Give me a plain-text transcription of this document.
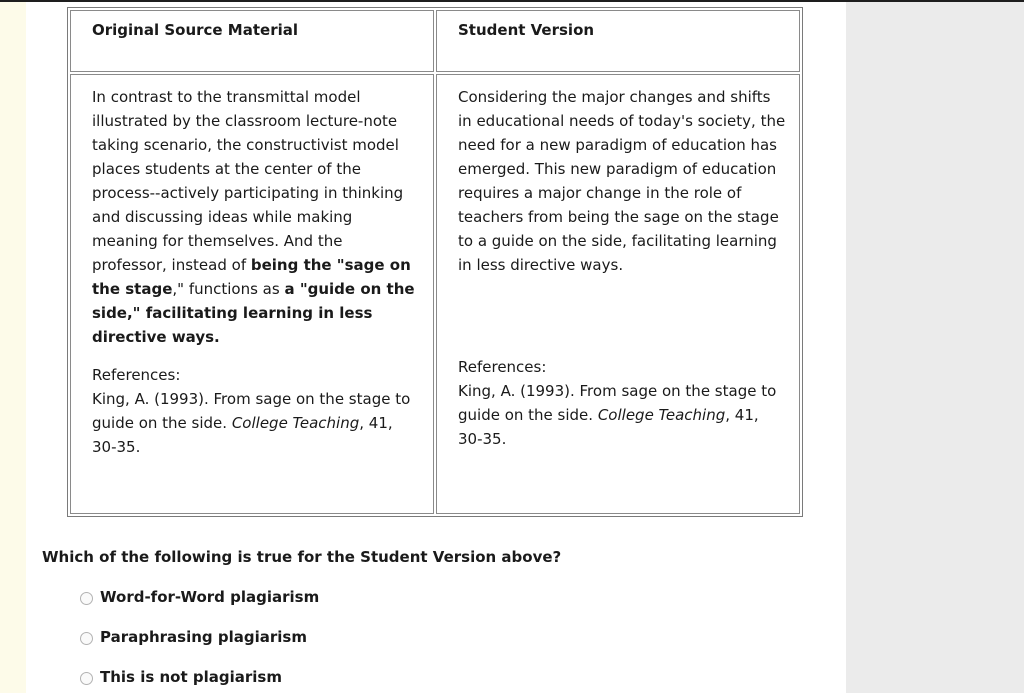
Original Source Material	Student Version
In contrast to the transmittal model illustrated by the classroom lecture-note taking scenario, the constructivist model places students at the center of the process--actively participating in thinking and discussing ideas while making meaning for themselves. And the professor, instead of being the "sage on the stage," functions as a "guide on the side," facilitating learning in less directive ways.
References:
King, A. (1993). From sage on the stage to guide on the side. College Teaching, 41, 30-35.
Considering the major changes and shifts in educational needs of today's society, the need for a new paradigm of education has emerged. This new paradigm of education requires a major change in the role of teachers from being the sage on the stage to a guide on the side, facilitating learning in less directive ways.
References:
King, A. (1993). From sage on the stage to guide on the side. College Teaching, 41, 30-35.
Which of the following is true for the Student Version above?
Word-for-Word plagiarism
Paraphrasing plagiarism
This is not plagiarism
